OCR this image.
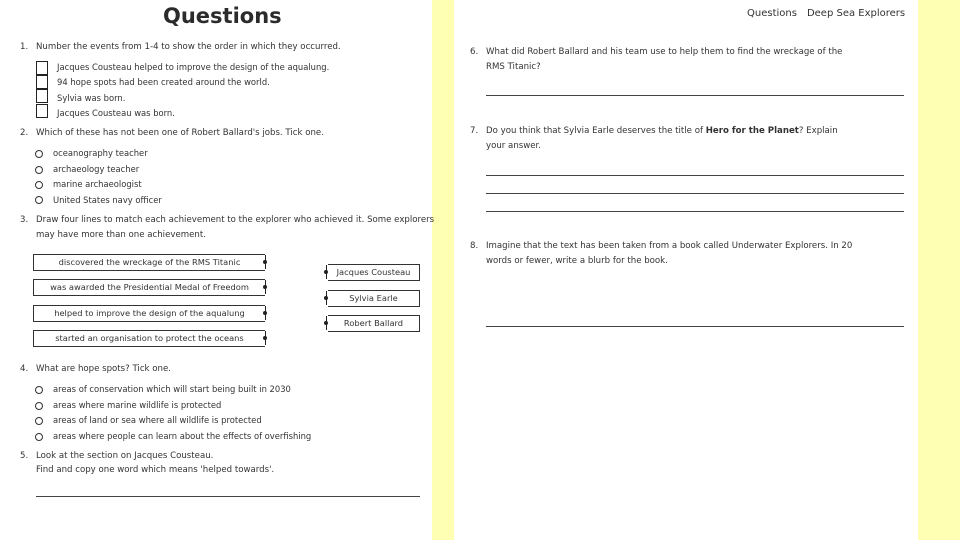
Questions
1. Number the events from 1-4 to show the order in which they occurred.
Jacques Cousteau helped to improve the design of the aqualung.
94 hope spots had been created around the world.
Sylvia was born.
Jacques Cousteau was born.
2. Which of these has not been one of Robert Ballard's jobs. Tick one.
oceanography teacher
archaeology teacher
marine archaeologist
United States navy officer
3. Draw four lines to match each achievement to the explorer who achieved it. Some explorers
may have more than one achievement.
discovered the wreckage of the RMS Titanic
was awarded the Presidential Medal of Freedom
helped to improve the design of the aqualung
started an organisation to protect the oceans
Jacques Cousteau
Sylvia Earle
Robert Ballard
4. What are hope spots? Tick one.
areas of conservation which will start being built in 2030
areas where marine wildlife is protected
areas of land or sea where all wildlife is protected
areas where people can learn about the effects of overfishing
5. Look at the section on Jacques Cousteau.
Find and copy one word which means 'helped towards'.
Questions Deep Sea Explorers
6. What did Robert Ballard and his team use to help them to find the wreckage of the
RMS Titanic?
7. Do you think that Sylvia Earle deserves the title of Hero for the Planet? Explain
your answer.
8. Imagine that the text has been taken from a book called Underwater Explorers. In 20
words or fewer, write a blurb for the book.
